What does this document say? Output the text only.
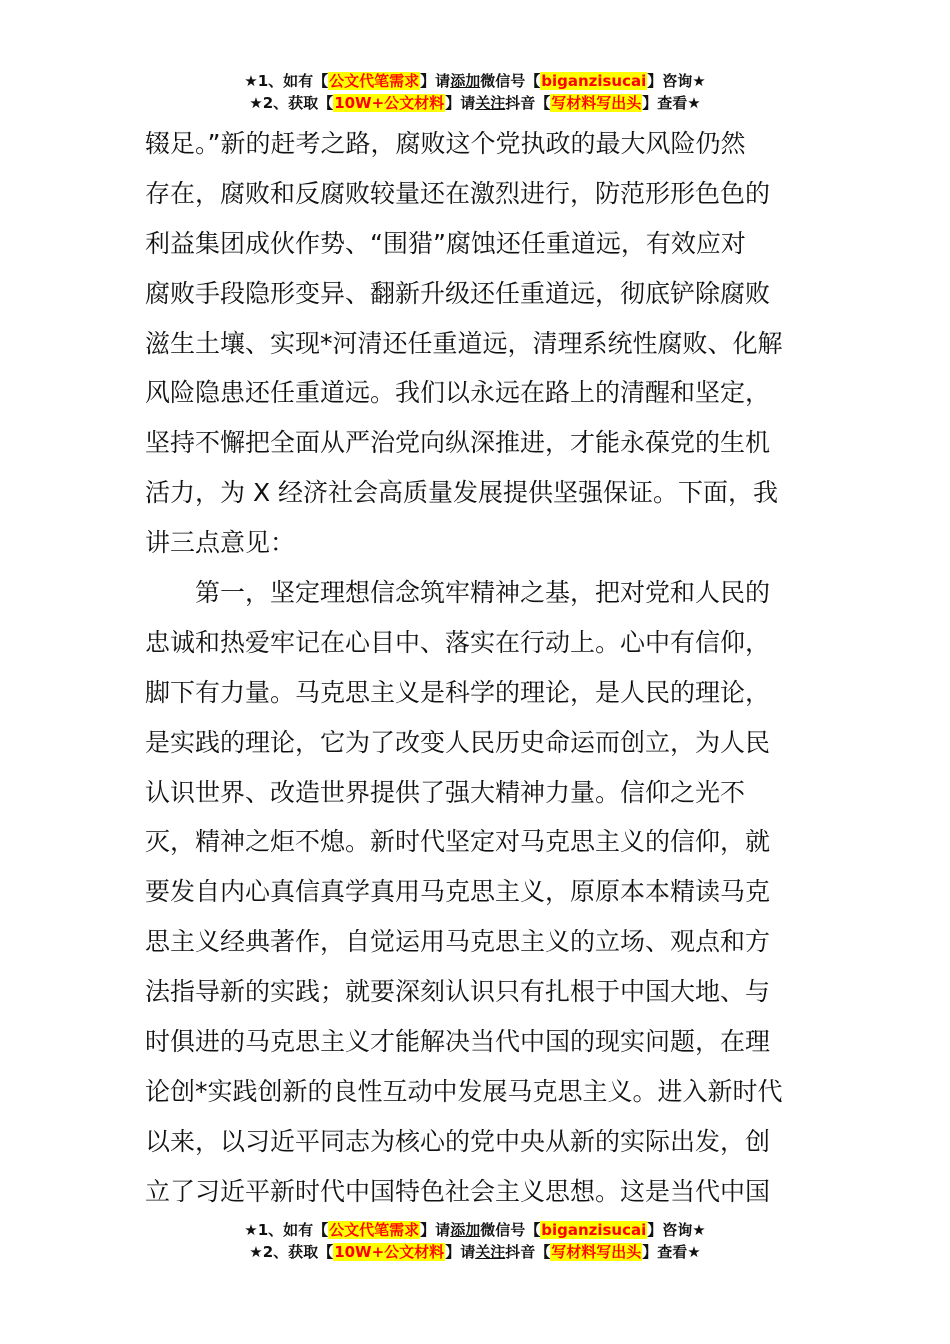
★1、如有【公文代笔需求】请添加微信号【biganzisucai】咨询★
★2、获取【10W+公文材料】请关注抖音【写材料写出头】查看★
辍足。”新的赶考之路，腐败这个党执政的最大风险仍然
存在，腐败和反腐败较量还在激烈进行，防范形形色色的
利益集团成伙作势、“围猎”腐蚀还任重道远，有效应对
腐败手段隐形变异、翻新升级还任重道远，彻底铲除腐败
滋生土壤、实现*河清还任重道远，清理系统性腐败、化解
风险隐患还任重道远。我们以永远在路上的清醒和坚定，
坚持不懈把全面从严治党向纵深推进，才能永葆党的生机
活力，为 X 经济社会高质量发展提供坚强保证。下面，我
讲三点意见：
第一，坚定理想信念筑牢精神之基，把对党和人民的
忠诚和热爱牢记在心目中、落实在行动上。心中有信仰，
脚下有力量。马克思主义是科学的理论，是人民的理论，
是实践的理论，它为了改变人民历史命运而创立，为人民
认识世界、改造世界提供了强大精神力量。信仰之光不
灭，精神之炬不熄。新时代坚定对马克思主义的信仰，就
要发自内心真信真学真用马克思主义，原原本本精读马克
思主义经典著作，自觉运用马克思主义的立场、观点和方
法指导新的实践；就要深刻认识只有扎根于中国大地、与
时俱进的马克思主义才能解决当代中国的现实问题，在理
论创*实践创新的良性互动中发展马克思主义。进入新时代
以来，以习近平同志为核心的党中央从新的实际出发，创
立了习近平新时代中国特色社会主义思想。这是当代中国
★1、如有【公文代笔需求】请添加微信号【biganzisucai】咨询★
★2、获取【10W+公文材料】请关注抖音【写材料写出头】查看★
